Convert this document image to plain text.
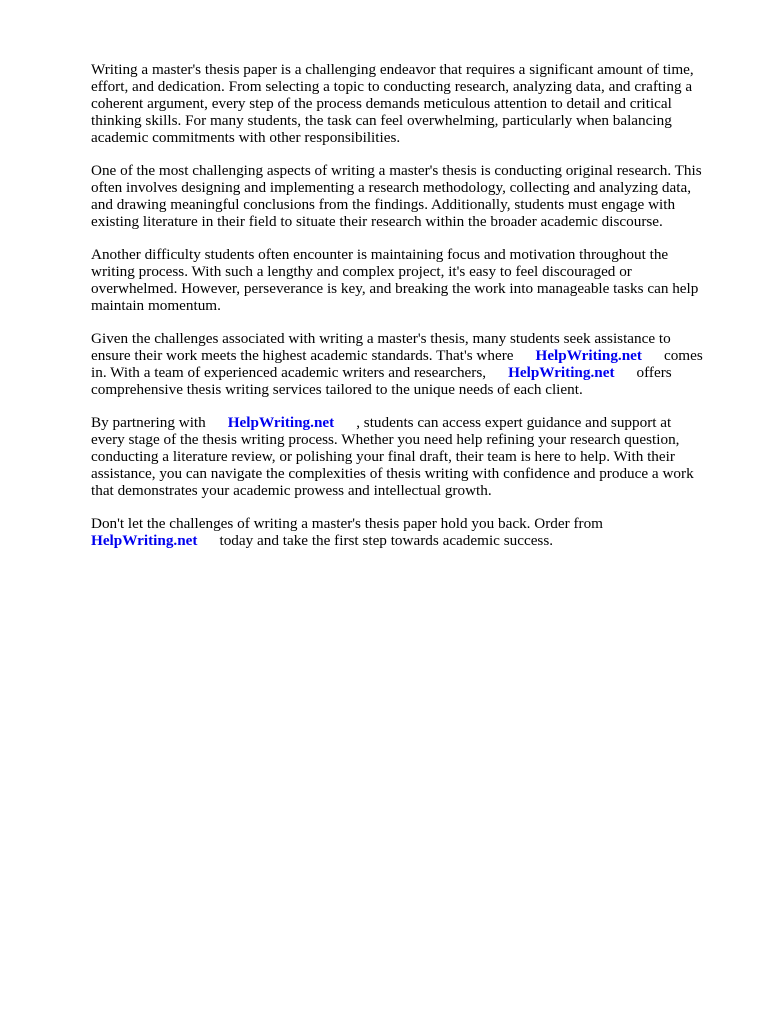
Writing a master's thesis paper is a challenging endeavor that requires a significant amount of time,
effort, and dedication. From selecting a topic to conducting research, analyzing data, and crafting a
coherent argument, every step of the process demands meticulous attention to detail and critical
thinking skills. For many students, the task can feel overwhelming, particularly when balancing
academic commitments with other responsibilities.
One of the most challenging aspects of writing a master's thesis is conducting original research. This
often involves designing and implementing a research methodology, collecting and analyzing data,
and drawing meaningful conclusions from the findings. Additionally, students must engage with
existing literature in their field to situate their research within the broader academic discourse.
Another difficulty students often encounter is maintaining focus and motivation throughout the
writing process. With such a lengthy and complex project, it's easy to feel discouraged or
overwhelmed. However, perseverance is key, and breaking the work into manageable tasks can help
maintain momentum.
Given the challenges associated with writing a master's thesis, many students seek assistance to
ensure their work meets the highest academic standards. That's where HelpWriting.net comes
in. With a team of experienced academic writers and researchers, HelpWriting.net offers
comprehensive thesis writing services tailored to the unique needs of each client.
By partnering with HelpWriting.net , students can access expert guidance and support at
every stage of the thesis writing process. Whether you need help refining your research question,
conducting a literature review, or polishing your final draft, their team is here to help. With their
assistance, you can navigate the complexities of thesis writing with confidence and produce a work
that demonstrates your academic prowess and intellectual growth.
Don't let the challenges of writing a master's thesis paper hold you back. Order from
HelpWriting.net today and take the first step towards academic success.
